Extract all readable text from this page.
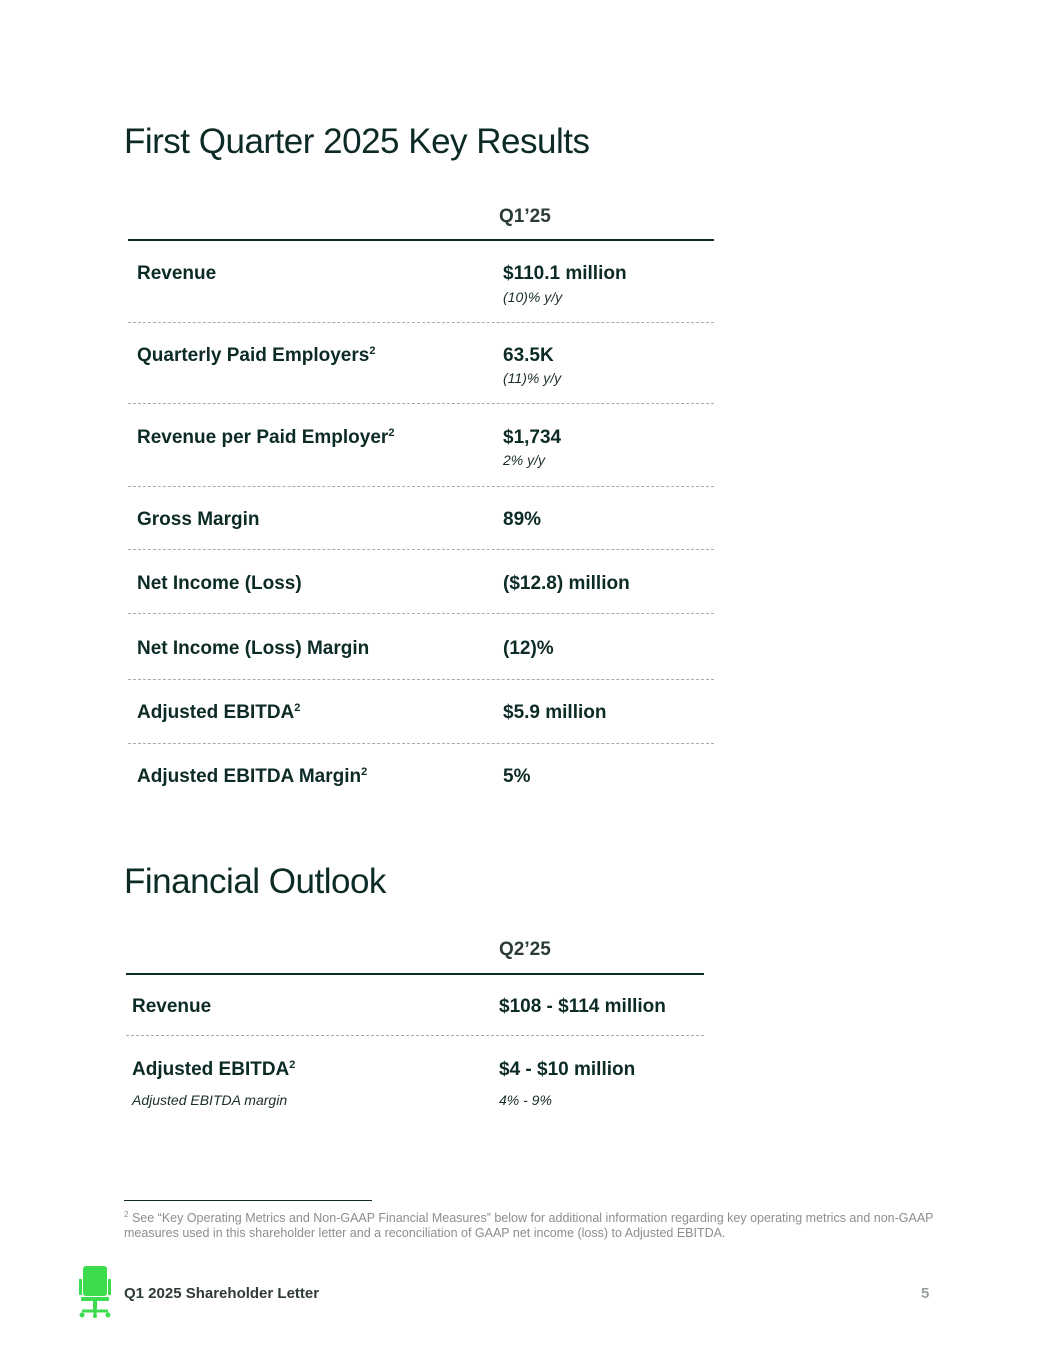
First Quarter 2025 Key Results
Q1’25
Revenue	$110.1 million
(10)% y/y
Quarterly Paid Employers$^2$	63.5K
(11)% y/y
Revenue per Paid Employer$^2$	$1,734
2% y/y
Gross Margin	89%
Net Income (Loss)	($12.8) million
Net Income (Loss) Margin	(12)%
Adjusted EBITDA$^2$	$5.9 million
Adjusted EBITDA Margin$^2$	5%
Financial Outlook
Q2’25
Revenue	$108 - $114 million
Adjusted EBITDA$^2$	$4 - $10 million
Adjusted EBITDA margin	4% - 9%
$^2$ See “Key Operating Metrics and Non-GAAP Financial Measures” below for additional information regarding key operating metrics and non-GAAP measures used in this shareholder letter and a reconciliation of GAAP net income (loss) to Adjusted EBITDA.
Q1 2025 Shareholder Letter	5
